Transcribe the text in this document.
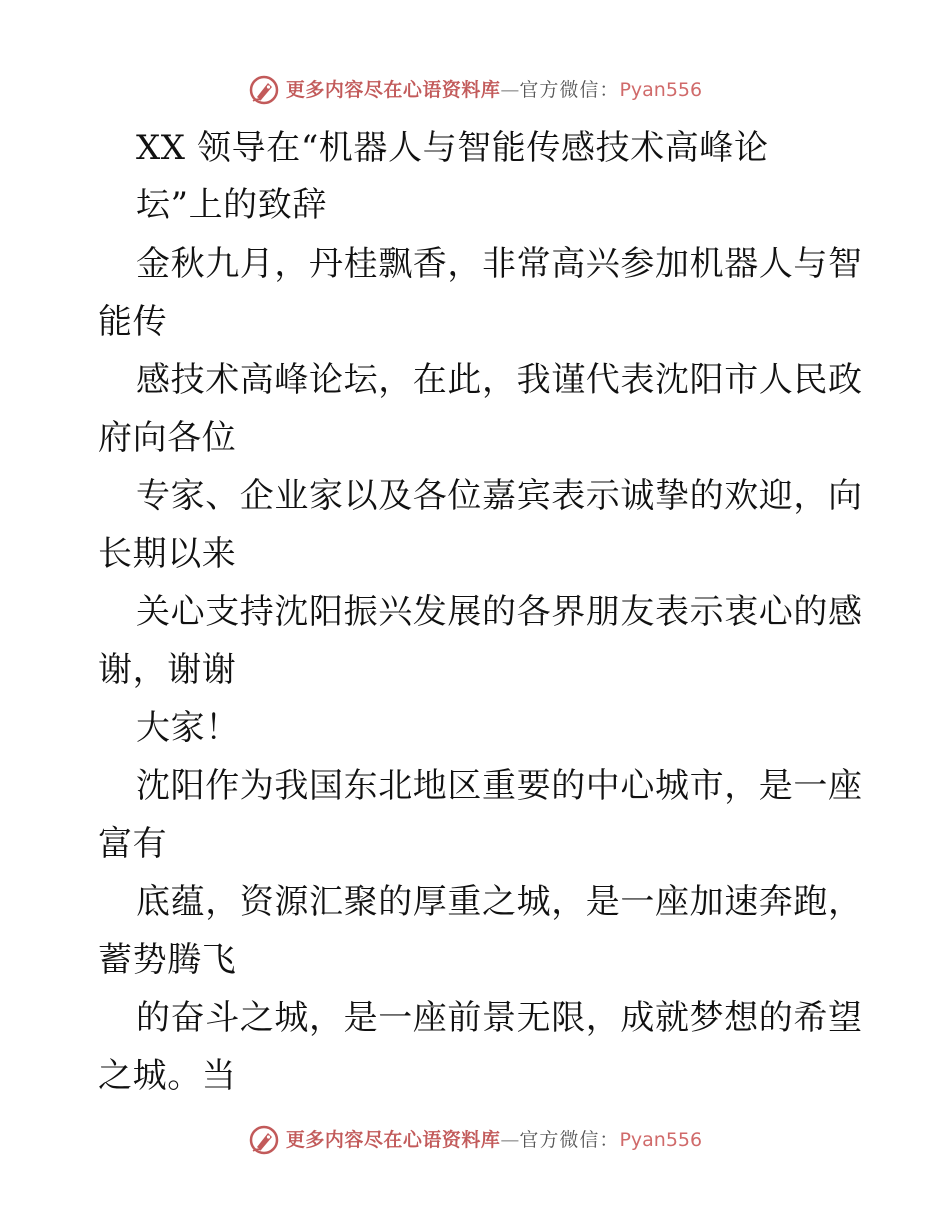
更多内容尽在心语资料库 — 官方微信： Pyan556
XX 领导在“机器人与智能传感技术高峰论
坛”上的致辞
金秋九月，丹桂飘香，非常高兴参加机器人与智
能传
感技术高峰论坛，在此，我谨代表沈阳市人民政
府向各位
专家、企业家以及各位嘉宾表示诚挚的欢迎，向
长期以来
关心支持沈阳振兴发展的各界朋友表示衷心的感
谢，谢谢
大家！
沈阳作为我国东北地区重要的中心城市，是一座
富有
底蕴，资源汇聚的厚重之城，是一座加速奔跑，
蓄势腾飞
的奋斗之城，是一座前景无限，成就梦想的希望
之城。当
更多内容尽在心语资料库 — 官方微信： Pyan556
